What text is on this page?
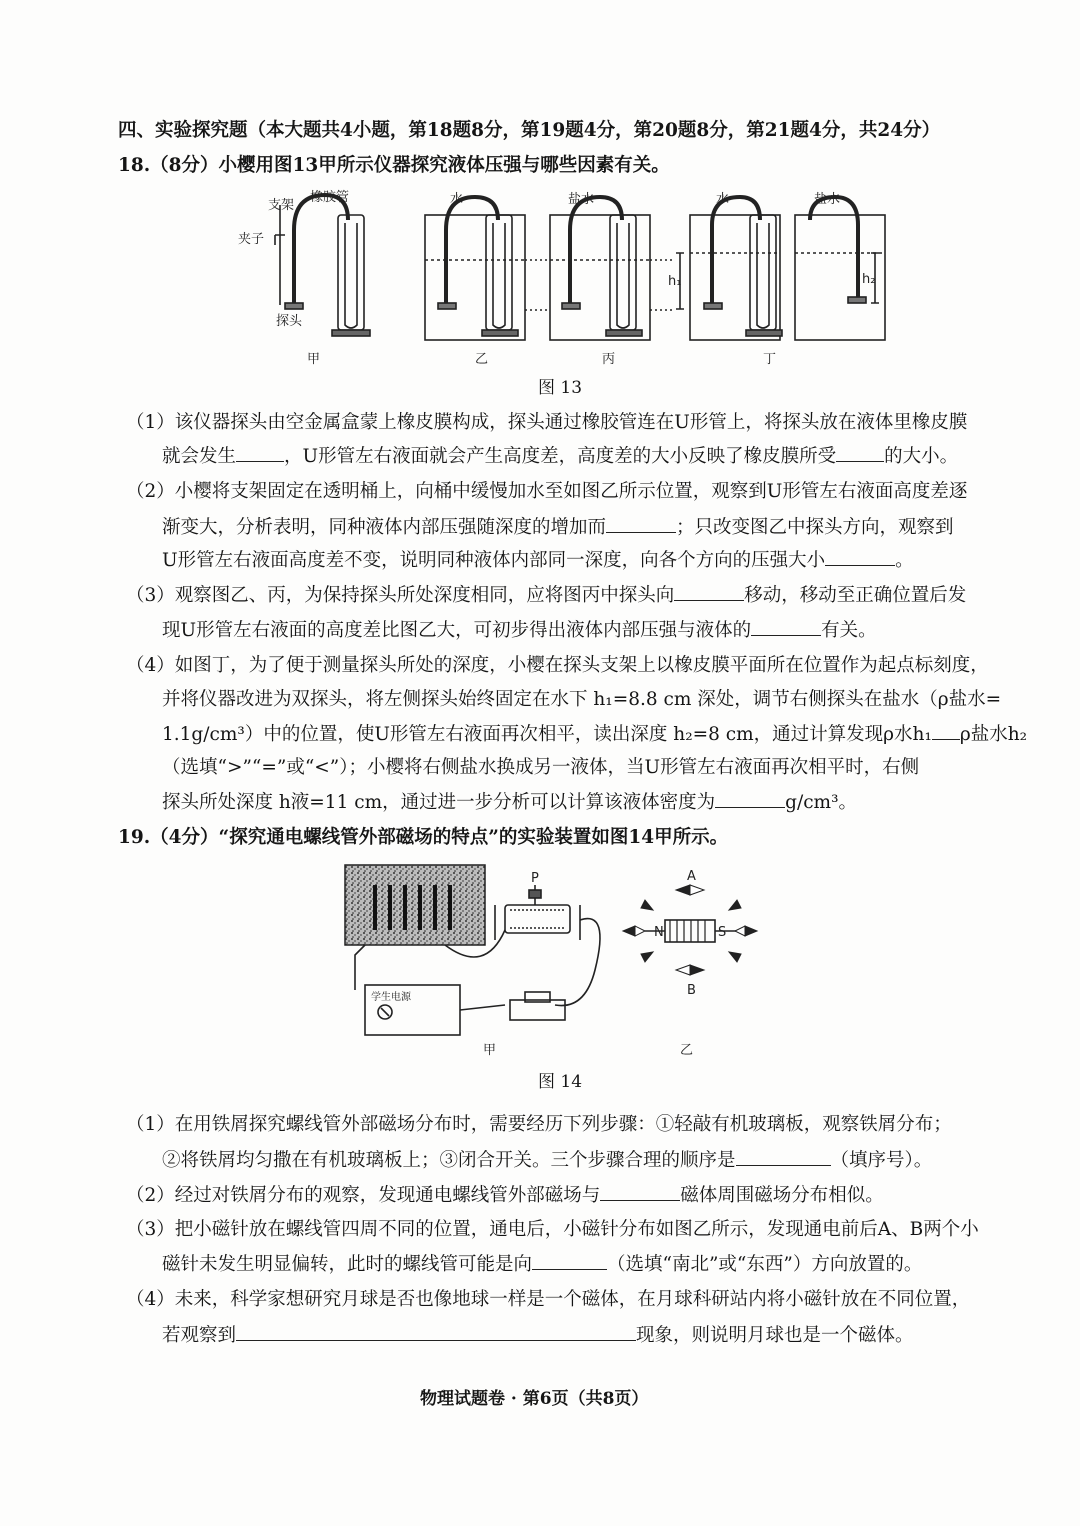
四、实验探究题（本大题共4小题，第18题8分，第19题4分，第20题8分，第21题4分，共24分）
18.（8分）小樱用图13甲所示仪器探究液体压强与哪些因素有关。
支架
橡胶管
夹子
探头
水	盐水	水	盐水
h₁	h₂
甲	乙	丙	丁
图 13
（1）该仪器探头由空金属盒蒙上橡皮膜构成，探头通过橡胶管连在U形管上，将探头放在液体里橡皮膜
就会发生	，U形管左右液面就会产生高度差，高度差的大小反映了橡皮膜所受	的大小。
（2）小樱将支架固定在透明桶上，向桶中缓慢加水至如图乙所示位置，观察到U形管左右液面高度差逐
渐变大，分析表明，同种液体内部压强随深度的增加而	；只改变图乙中探头方向，观察到
U形管左右液面高度差不变，说明同种液体内部同一深度，向各个方向的压强大小	。
（3）观察图乙、丙，为保持探头所处深度相同，应将图丙中探头向	移动，移动至正确位置后发
现U形管左右液面的高度差比图乙大，可初步得出液体内部压强与液体的	有关。
（4）如图丁，为了便于测量探头所处的深度，小樱在探头支架上以橡皮膜平面所在位置作为起点标刻度，
并将仪器改进为双探头，将左侧探头始终固定在水下 h₁=8.8 cm 深处，调节右侧探头在盐水（ρ盐水=
1.1g/cm³）中的位置，使U形管左右液面再次相平，读出深度 h₂=8 cm，通过计算发现ρ水h₁ ρ盐水h₂
（选填“>”“=”或“<”）；小樱将右侧盐水换成另一液体，当U形管左右液面再次相平时，右侧
探头所处深度 h液=11 cm，通过进一步分析可以计算该液体密度为	g/cm³。
19.（4分）“探究通电螺线管外部磁场的特点”的实验装置如图14甲所示。
P	A
B
N	S
学生电源
甲	乙
图 14
（1）在用铁屑探究螺线管外部磁场分布时，需要经历下列步骤：①轻敲有机玻璃板，观察铁屑分布；
②将铁屑均匀撒在有机玻璃板上；③闭合开关。三个步骤合理的顺序是	（填序号）。
（2）经过对铁屑分布的观察，发现通电螺线管外部磁场与	磁体周围磁场分布相似。
（3）把小磁针放在螺线管四周不同的位置，通电后，小磁针分布如图乙所示，发现通电前后A、B两个小
磁针未发生明显偏转，此时的螺线管可能是向	（选填“南北”或“东西”）方向放置的。
（4）未来，科学家想研究月球是否也像地球一样是一个磁体，在月球科研站内将小磁针放在不同位置，
若观察到	现象，则说明月球也是一个磁体。
物理试题卷 · 第6页（共8页）
